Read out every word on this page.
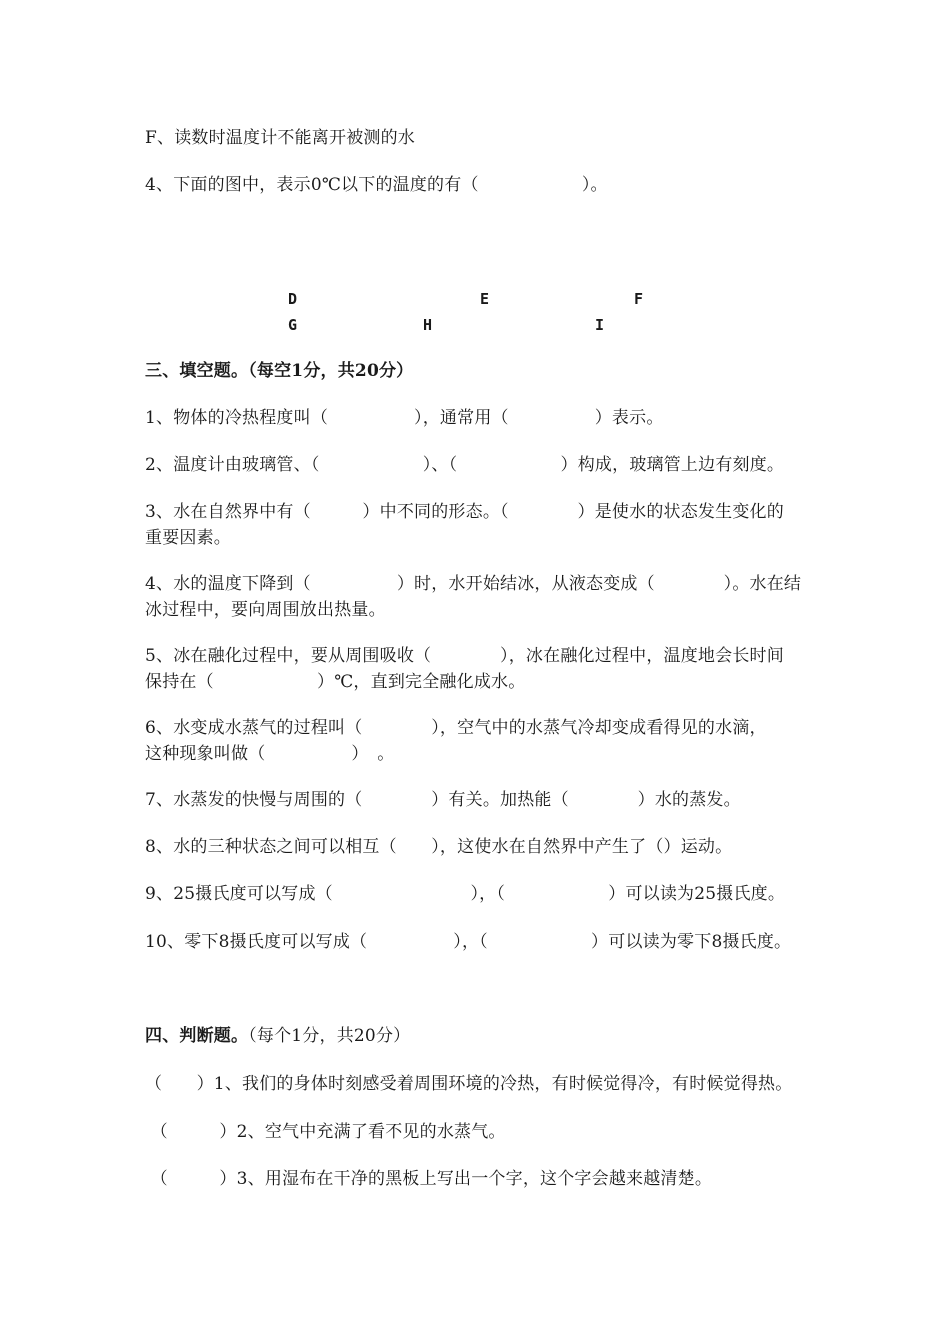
F、读数时温度计不能离开被测的水
4、下面的图中，表示0℃以下的温度的有（　　　　　　）。
D	E	F
G	H	I
三、填空题。（每空1分，共20分）
1、物体的冷热程度叫（　　　　　），通常用（　　　　　）表示。
2、温度计由玻璃管、（　　　　　　）、（　　　　　　）构成，玻璃管上边有刻度。
3、水在自然界中有（　　　）中不同的形态。（　　　　）是使水的状态发生变化的
重要因素。
4、水的温度下降到（　　　　　）时，水开始结冰，从液态变成（　　　　）。水在结
冰过程中，要向周围放出热量。
5、冰在融化过程中，要从周围吸收（　　　　），冰在融化过程中，温度地会长时间
保持在（　　　　　　）℃，直到完全融化成水。
6、水变成水蒸气的过程叫（　　　　），空气中的水蒸气冷却变成看得见的水滴，
这种现象叫做（　　　　　）　。
7、水蒸发的快慢与周围的（　　　　）有关。加热能（　　　　）水的蒸发。
8、水的三种状态之间可以相互（　　），这使水在自然界中产生了（）运动。
9、25摄氏度可以写成（　　　　　　　　），（　　　　　　）可以读为25摄氏度。
10、零下8摄氏度可以写成（　　　　　），（　　　　　　）可以读为零下8摄氏度。
四、判断题。（每个1分，共20分）
（　　）1、我们的身体时刻感受着周围环境的冷热，有时候觉得冷，有时候觉得热。
（　　　）2、空气中充满了看不见的水蒸气。
（　　　）3、用湿布在干净的黑板上写出一个字，这个字会越来越清楚。
